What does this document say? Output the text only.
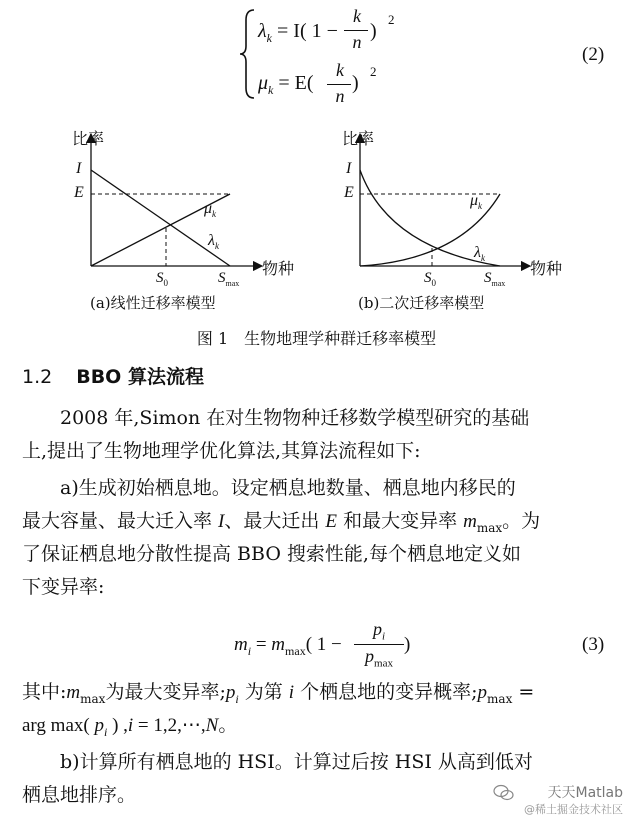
$\lambda_k = I$( 1 −
k
n )
2
$\mu_k = E$(
k
n
)
2
(2)
比率
I
E
$\mu_k$
$\lambda_k$
物种
$S_0$	$S_{max}$
(a)线性迁移率模型
比率
I
E	$\mu_k$
$\lambda_k$
物种
$S_0$	$S_{max}$
(b)二次迁移率模型
图 1　生物地理学种群迁移率模型
1.2 BBO 算法流程
　　2008 年,Simon 在对生物物种迁移数学模型研究的基础
上,提出了生物地理学优化算法,其算法流程如下:
　　a)生成初始栖息地。设定栖息地数量、栖息地内移民的
最大容量、最大迁入率 I、最大迁出 E 和最大变异率 $m_{max}$。为
了保证栖息地分散性提高 BBO 搜索性能,每个栖息地定义如
下变异率:
$m_i = m_{max}$( 1 −
$p_i$
$p_{max}$
)	(3)
其中$:m_{max}$为最大变异率$;p_i$ 为第 i 个栖息地的变异概率$;p_{max}$ =
arg max( $p_i$ ) ,i = 1,2,⋯,N。
　　b)计算所有栖息地的 HSI。计算过后按 HSI 从高到低对
栖息地排序。	天天Matlab
@稀土掘金技术社区
